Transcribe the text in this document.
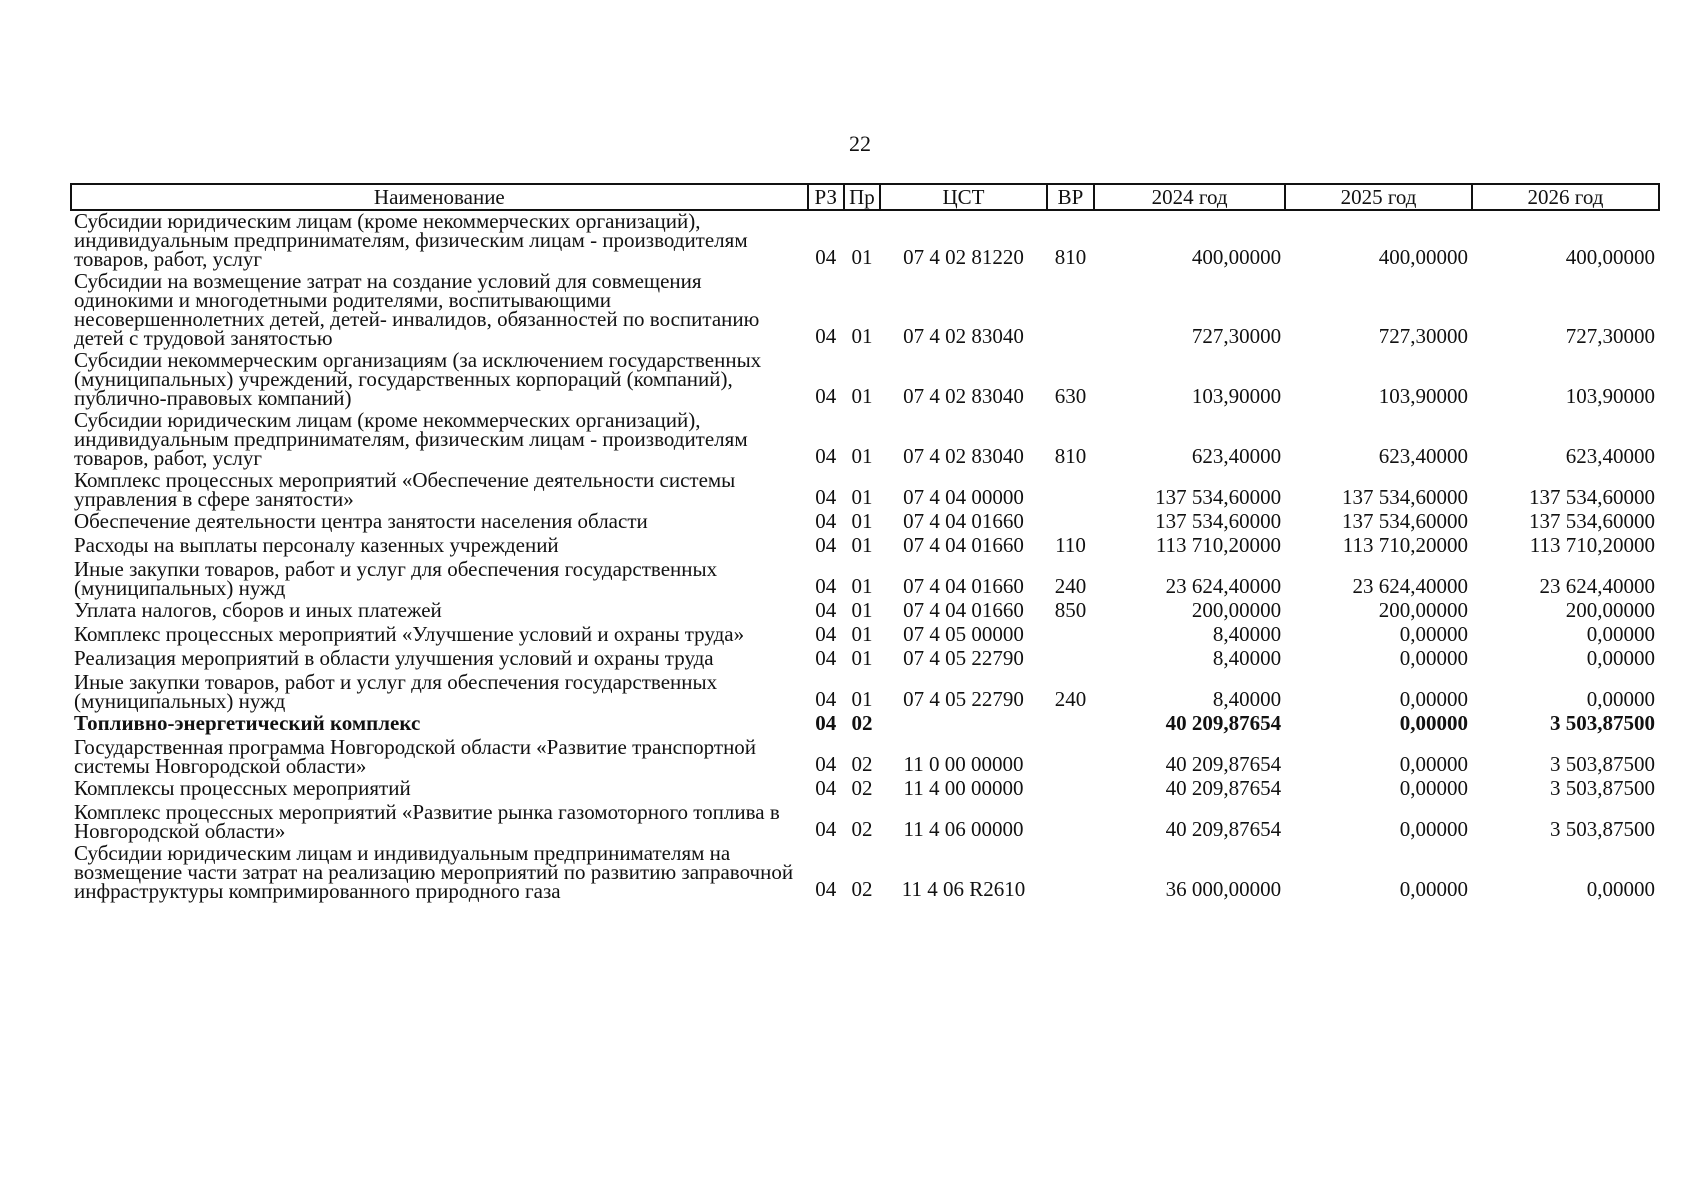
22
Наименование	РЗ	Пр	ЦСТ	ВР	2024 год	2025 год	2026 год
Субсидии юридическим лицам (кроме некоммерческих организаций), индивидуальным предпринимателям, физическим лицам - производителям товаров, работ, услуг	04	01	07 4 02 81220	810	400,00000	400,00000	400,00000
Субсидии на возмещение затрат на создание условий для совмещения одинокими и многодетными родителями, воспитывающими несовершеннолетних детей, детей- инвалидов, обязанностей по воспитанию детей с трудовой занятостью	04	01	07 4 02 83040		727,30000	727,30000	727,30000
Субсидии некоммерческим организациям (за исключением государственных (муниципальных) учреждений, государственных корпораций (компаний), публично-правовых компаний)	04	01	07 4 02 83040	630	103,90000	103,90000	103,90000
Субсидии юридическим лицам (кроме некоммерческих организаций), индивидуальным предпринимателям, физическим лицам - производителям товаров, работ, услуг	04	01	07 4 02 83040	810	623,40000	623,40000	623,40000
Комплекс процессных мероприятий «Обеспечение деятельности системы управления в сфере занятости»	04	01	07 4 04 00000		137 534,60000	137 534,60000	137 534,60000
Обеспечение деятельности центра занятости населения области	04	01	07 4 04 01660		137 534,60000	137 534,60000	137 534,60000
Расходы на выплаты персоналу казенных учреждений	04	01	07 4 04 01660	110	113 710,20000	113 710,20000	113 710,20000
Иные закупки товаров, работ и услуг для обеспечения государственных (муниципальных) нужд	04	01	07 4 04 01660	240	23 624,40000	23 624,40000	23 624,40000
Уплата налогов, сборов и иных платежей	04	01	07 4 04 01660	850	200,00000	200,00000	200,00000
Комплекс процессных мероприятий «Улучшение условий и охраны труда»	04	01	07 4 05 00000		8,40000	0,00000	0,00000
Реализация мероприятий в области улучшения условий и охраны труда	04	01	07 4 05 22790		8,40000	0,00000	0,00000
Иные закупки товаров, работ и услуг для обеспечения государственных (муниципальных) нужд	04	01	07 4 05 22790	240	8,40000	0,00000	0,00000
Топливно-энергетический комплекс	04	02			40 209,87654	0,00000	3 503,87500
Государственная программа Новгородской области «Развитие транспортной системы Новгородской области»	04	02	11 0 00 00000		40 209,87654	0,00000	3 503,87500
Комплексы процессных мероприятий	04	02	11 4 00 00000		40 209,87654	0,00000	3 503,87500
Комплекс процессных мероприятий «Развитие рынка газомоторного топлива в Новгородской области»	04	02	11 4 06 00000		40 209,87654	0,00000	3 503,87500
Субсидии юридическим лицам и индивидуальным предпринимателям на возмещение части затрат на реализацию мероприятий по развитию заправочной инфраструктуры компримированного природного газа	04	02	11 4 06 R2610		36 000,00000	0,00000	0,00000
